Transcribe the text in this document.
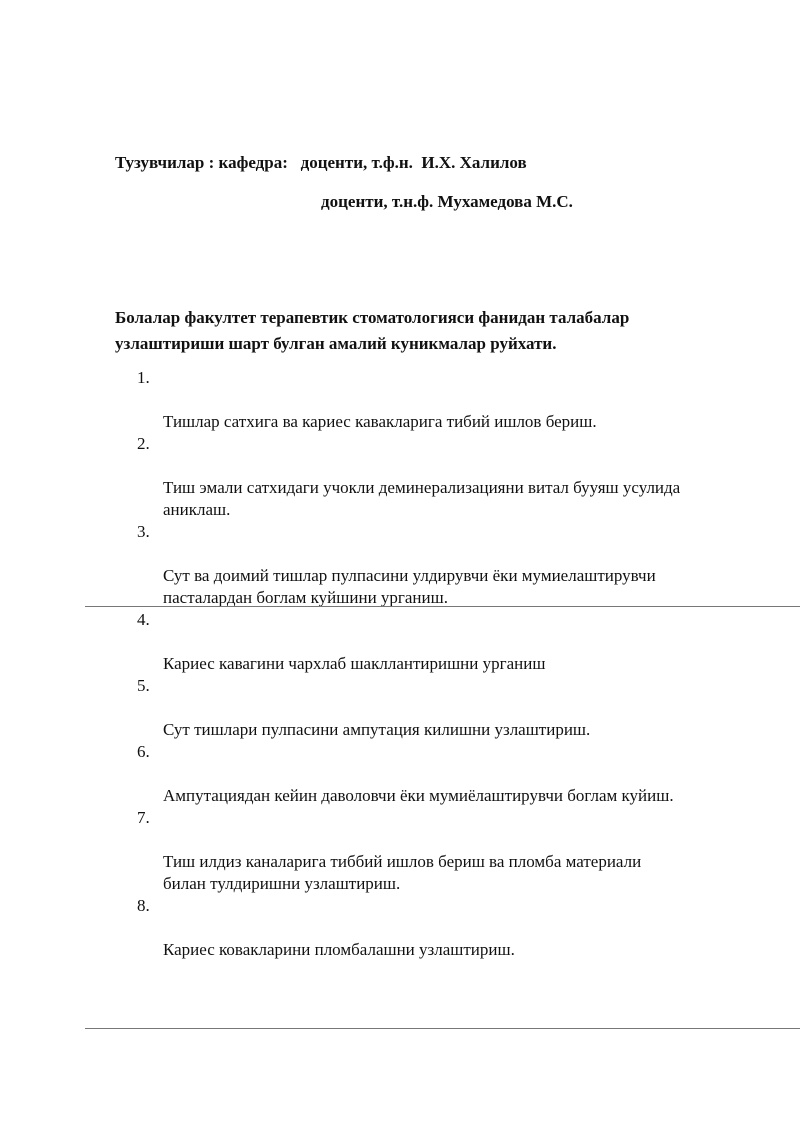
Тузувчилар : кафедра:   доценти, т.ф.н.  И.Х. Халилов
доценти, т.н.ф. Мухамедова М.С.
Болалар факултет терапевтик стоматологияси фанидан талабалар
узлаштириши шарт булган амалий куникмалар руйхати.

1.

Тишлар сатхига ва кариес кавакларига тибий ишлов бериш.

2.

Тиш эмали сатхидаги учокли деминерализацияни витал бууяш усулида
аниклаш.

3.

Сут ва доимий тишлар пулпасини улдирувчи ёки мумиелаштирувчи
пасталардан боглам куйшини урганиш.

4.

Кариес кавагини чархлаб шакллантиришни урганиш

5.

Сут тишлари пулпасини ампутация килишни узлаштириш.

6.

Ампутациядан кейин даволовчи ёки мумиёлаштирувчи боглам куйиш.

7.

Тиш илдиз каналарига тиббий ишлов бериш ва пломба материали
билан тулдиришни узлаштириш.

8.

Кариес ковакларини пломбалашни узлаштириш.
